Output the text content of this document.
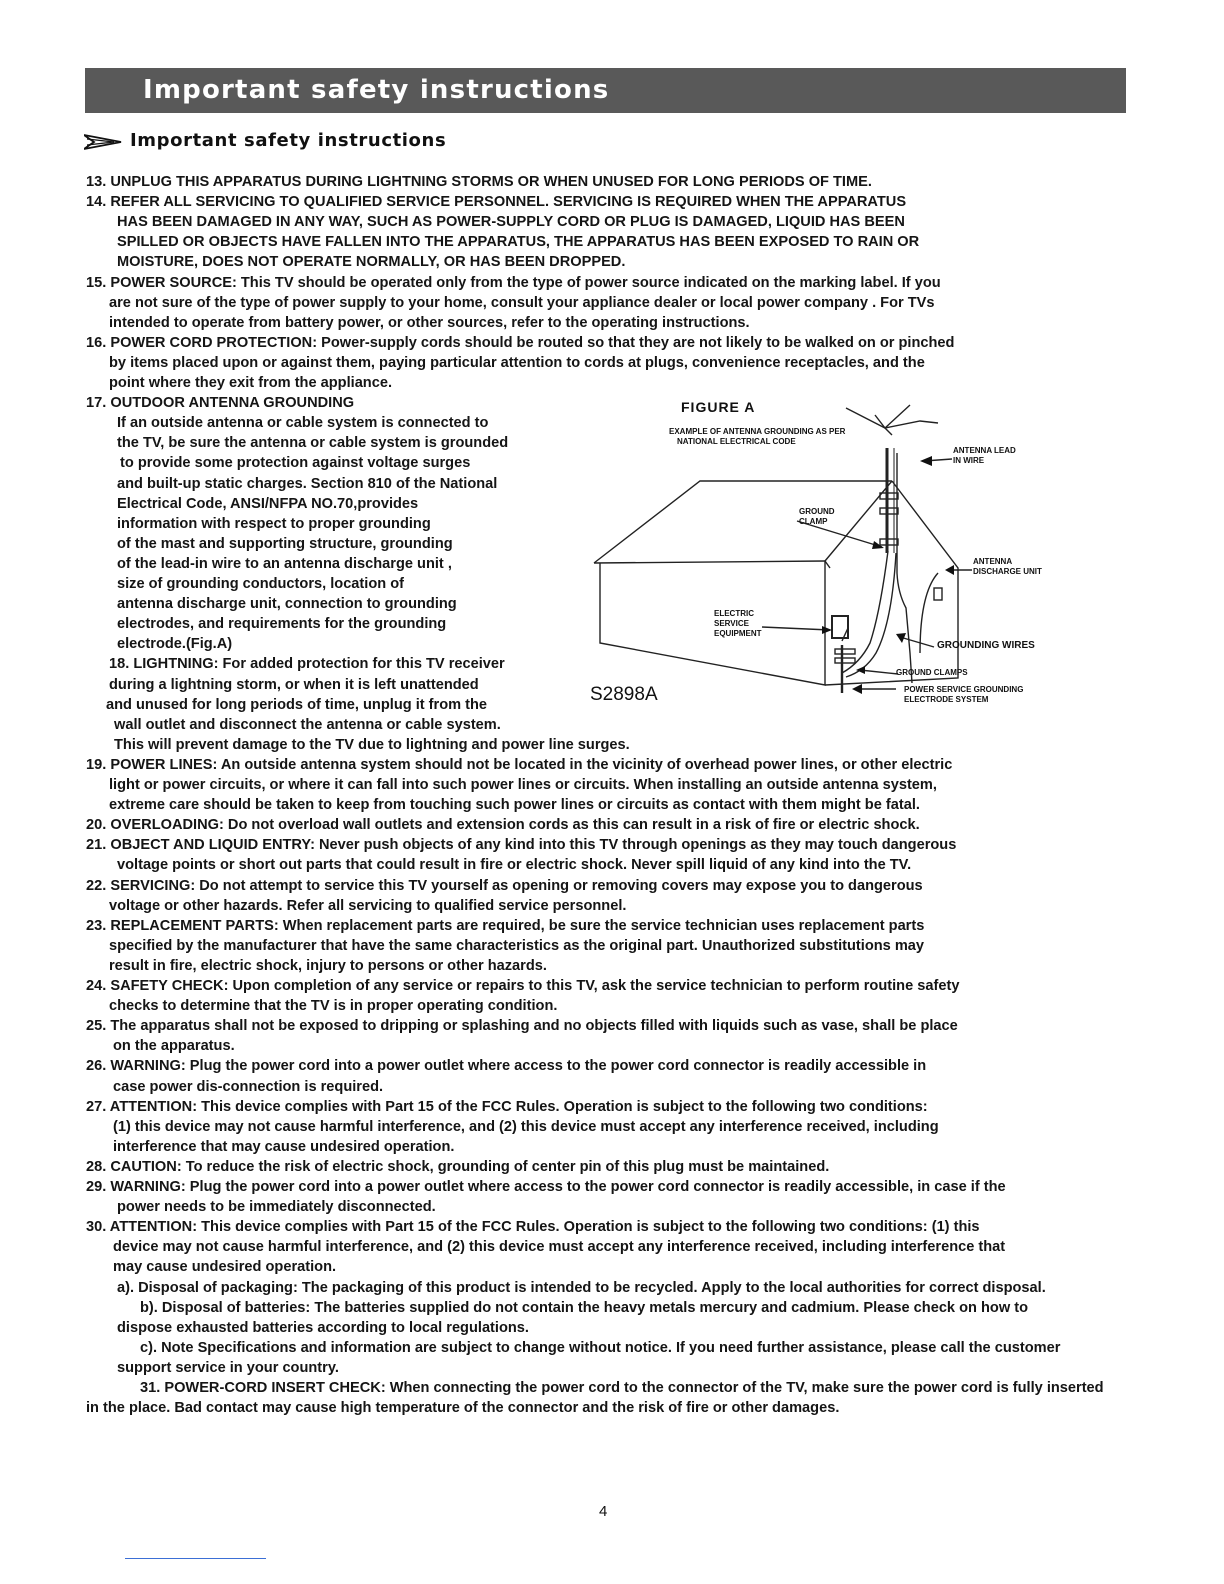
Important safety instructions
Important safety instructions
13. UNPLUG THIS APPARATUS DURING LIGHTNING STORMS OR WHEN UNUSED FOR LONG PERIODS OF TIME.
14. REFER ALL SERVICING TO QUALIFIED SERVICE PERSONNEL. SERVICING IS REQUIRED WHEN THE APPARATUS
HAS BEEN DAMAGED IN ANY WAY, SUCH AS POWER-SUPPLY CORD OR PLUG IS DAMAGED, LIQUID HAS BEEN
SPILLED OR OBJECTS HAVE FALLEN INTO THE APPARATUS, THE APPARATUS HAS BEEN EXPOSED TO RAIN OR
MOISTURE, DOES NOT OPERATE NORMALLY, OR HAS BEEN DROPPED.
15. POWER SOURCE: This TV should be operated only from the type of power source indicated on the marking label. If you
are not sure of the type of power supply to your home, consult your appliance dealer or local power company . For TVs
intended to operate from battery power, or other sources, refer to the operating instructions.
16. POWER CORD PROTECTION: Power-supply cords should be routed so that they are not likely to be walked on or pinched
by items placed upon or against them, paying particular attention to cords at plugs, convenience receptacles, and the
point where they exit from the appliance.
17. OUTDOOR ANTENNA GROUNDING
If an outside antenna or cable system is connected to
the TV, be sure the antenna or cable system is grounded
to provide some protection against voltage surges
and built-up static charges. Section 810 of the National
Electrical Code, ANSI/NFPA NO.70,provides
information with respect to proper grounding
of the mast and supporting structure, grounding
of the lead-in wire to an antenna discharge unit ,
size of grounding conductors, location of
antenna discharge unit, connection to grounding
electrodes, and requirements for the grounding
electrode.(Fig.A)
18. LIGHTNING: For added protection for this TV receiver
during a lightning storm, or when it is left unattended
and unused for long periods of time, unplug it from the
wall outlet and disconnect the antenna or cable system.
This will prevent damage to the TV due to lightning and power line surges.
19. POWER LINES: An outside antenna system should not be located in the vicinity of overhead power lines, or other electric
light or power circuits, or where it can fall into such power lines or circuits. When installing an outside antenna system,
extreme care should be taken to keep from touching such power lines or circuits as contact with them might be fatal.
20. OVERLOADING: Do not overload wall outlets and extension cords as this can result in a risk of fire or electric shock.
21. OBJECT AND LIQUID ENTRY: Never push objects of any kind into this TV through openings as they may touch dangerous
voltage points or short out parts that could result in fire or electric shock. Never spill liquid of any kind into the TV.
22. SERVICING: Do not attempt to service this TV yourself as opening or removing covers may expose you to dangerous
voltage or other hazards. Refer all servicing to qualified service personnel.
23. REPLACEMENT PARTS: When replacement parts are required, be sure the service technician uses replacement parts
specified by the manufacturer that have the same characteristics as the original part. Unauthorized substitutions may
result in fire, electric shock, injury to persons or other hazards.
24. SAFETY CHECK: Upon completion of any service or repairs to this TV, ask the service technician to perform routine safety
checks to determine that the TV is in proper operating condition.
25. The apparatus shall not be exposed to dripping or splashing and no objects filled with liquids such as vase, shall be place
on the apparatus.
26. WARNING: Plug the power cord into a power outlet where access to the power cord connector is readily accessible in
case power dis-connection is required.
27. ATTENTION: This device complies with Part 15 of the FCC Rules. Operation is subject to the following two conditions:
(1) this device may not cause harmful interference, and (2) this device must accept any interference received, including
interference that may cause undesired operation.
28. CAUTION: To reduce the risk of electric shock, grounding of center pin of this plug must be maintained.
29. WARNING: Plug the power cord into a power outlet where access to the power cord connector is readily accessible, in case if the
power needs to be immediately disconnected.
30. ATTENTION: This device complies with Part 15 of the FCC Rules. Operation is subject to the following two conditions: (1) this
device may not cause harmful interference, and (2) this device must accept any interference received, including interference that
may cause undesired operation.
a). Disposal of packaging: The packaging of this product is intended to be recycled. Apply to the local authorities for correct disposal.
b). Disposal of batteries: The batteries supplied do not contain the heavy metals mercury and cadmium. Please check on how to
dispose exhausted batteries according to local regulations.
c). Note Specifications and information are subject to change without notice. If you need further assistance, please call the customer
support service in your country.
31. POWER-CORD INSERT CHECK: When connecting the power cord to the connector of the TV, make sure the power cord is fully inserted
in the place. Bad contact may cause high temperature of the connector and the risk of fire or other damages.
FIGURE A
EXAMPLE OF ANTENNA GROUNDING AS PER
NATIONAL ELECTRICAL CODE
ANTENNA LEAD
IN WIRE
GROUND
CLAMP
ANTENNA
DISCHARGE UNIT
ELECTRIC
SERVICE
EQUIPMENT
GROUNDING WIRES
GROUND CLAMPS
POWER SERVICE GROUNDING
ELECTRODE SYSTEM
S2898A
4
